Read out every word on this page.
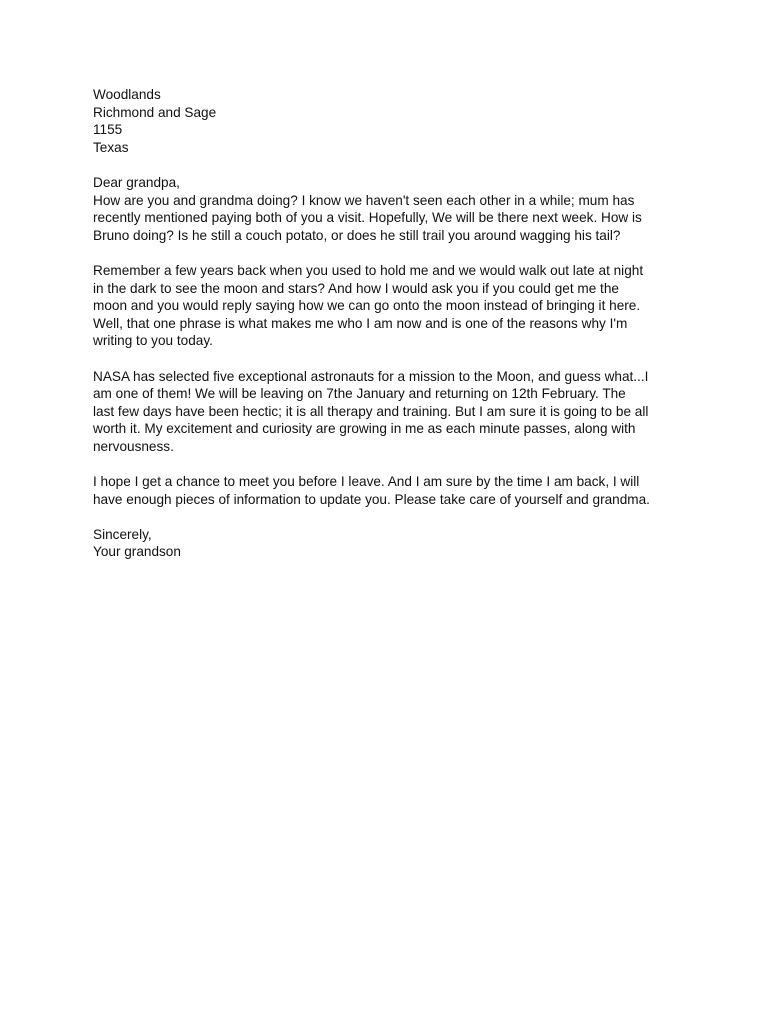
Woodlands
Richmond and Sage
1155
Texas
Dear grandpa,
How are you and grandma doing? I know we haven't seen each other in a while; mum has
recently mentioned paying both of you a visit. Hopefully, We will be there next week. How is
Bruno doing? Is he still a couch potato, or does he still trail you around wagging his tail?
Remember a few years back when you used to hold me and we would walk out late at night
in the dark to see the moon and stars? And how I would ask you if you could get me the
moon and you would reply saying how we can go onto the moon instead of bringing it here.
Well, that one phrase is what makes me who I am now and is one of the reasons why I'm
writing to you today.
NASA has selected five exceptional astronauts for a mission to the Moon, and guess what...I
am one of them! We will be leaving on 7the January and returning on 12th February. The
last few days have been hectic; it is all therapy and training. But I am sure it is going to be all
worth it. My excitement and curiosity are growing in me as each minute passes, along with
nervousness.
I hope I get a chance to meet you before I leave. And I am sure by the time I am back, I will
have enough pieces of information to update you. Please take care of yourself and grandma.
Sincerely,
Your grandson
